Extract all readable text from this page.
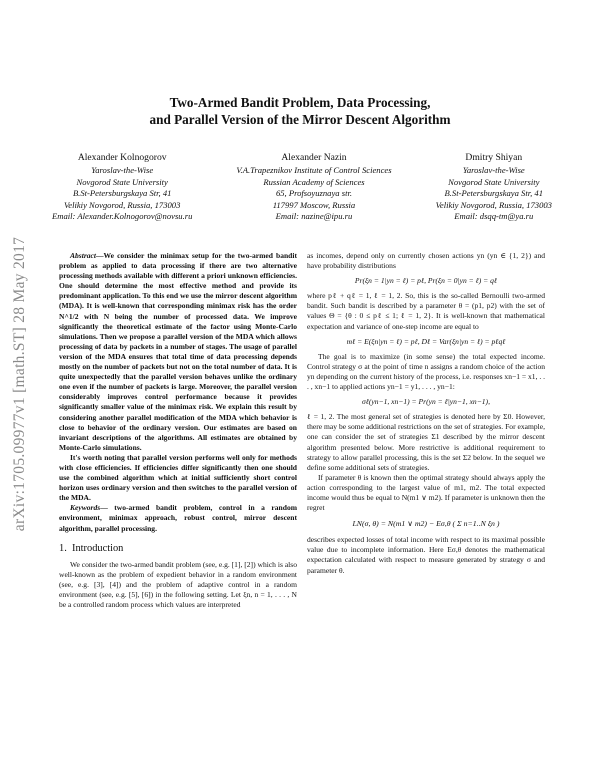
arXiv:1705.09977v1 [math.ST] 28 May 2017
Two-Armed Bandit Problem, Data Processing,
and Parallel Version of the Mirror Descent Algorithm
Alexander Kolnogorov
Yaroslav-the-Wise
Novgorod State University
B.St-Petersburgskaya Str, 41
Velikiy Novgorod, Russia, 173003
Email: Alexander.Kolnogorov@novsu.ru
Alexander Nazin
V.A.Trapeznikov Institute of Control Sciences
Russian Academy of Sciences
65, Profsoyuznaya str.
117997 Moscow, Russia
Email: nazine@ipu.ru
Dmitry Shiyan
Yaroslav-the-Wise
Novgorod State University
B.St-Petersburgskaya Str, 41
Velikiy Novgorod, Russia, 173003
Email: dsqq-tm@ya.ru

Abstract—We consider the minimax setup for the two-armed bandit problem as applied to data processing if there are two alternative processing methods available with different a priori unknown efficiencies. One should determine the most effective method and provide its predominant application. To this end we use the mirror descent algorithm (MDA). It is well-known that corresponding minimax risk has the order N^1/2 with N being the number of processed data. We improve significantly the theoretical estimate of the factor using Monte-Carlo simulations. Then we propose a parallel version of the MDA which allows processing of data by packets in a number of stages. The usage of parallel version of the MDA ensures that total time of data processing depends mostly on the number of packets but not on the total number of data. It is quite unexpectedly that the parallel version behaves unlike the ordinary one even if the number of packets is large. Moreover, the parallel version considerably improves control performance because it provides significantly smaller value of the minimax risk. We explain this result by considering another parallel modification of the MDA which behavior is close to behavior of the ordinary version. Our estimates are based on invariant descriptions of the algorithms. All estimates are obtained by Monte-Carlo simulations.

It's worth noting that parallel version performs well only for methods with close efficiencies. If efficiencies differ significantly then one should use the combined algorithm which at initial sufficiently short control horizon uses ordinary version and then switches to the parallel version of the MDA.

Keywords— two-armed bandit problem, control in a random environment, minimax approach, robust control, mirror descent algorithm, parallel processing.

1. Introduction

We consider the two-armed bandit problem (see, e.g. [1], [2]) which is also well-known as the problem of expedient behavior in a random environment (see, e.g. [3], [4]) and the problem of adaptive control in a random environment (see, e.g. [5], [6]) in the following setting. Let ξn, n = 1, . . . , N be a controlled random process which values are interpreted

as incomes, depend only on currently chosen actions yn (yn ∈ {1, 2}) and have probability distributions

Pr(ξn = 1|yn = ℓ) = pℓ, Pr(ξn = 0|yn = ℓ) = qℓ

where pℓ + qℓ = 1, ℓ = 1, 2. So, this is the so-called Bernoulli two-armed bandit. Such bandit is described by a parameter θ = (p1, p2) with the set of values Θ = {θ : 0 ≤ pℓ ≤ 1; ℓ = 1, 2}. It is well-known that mathematical expectation and variance of one-step income are equal to

mℓ = E(ξn|yn = ℓ) = pℓ, Dℓ = Var(ξn|yn = ℓ) = pℓqℓ

The goal is to maximize (in some sense) the total expected income. Control strategy σ at the point of time n assigns a random choice of the action yn depending on the current history of the process, i.e. responses xn−1 = x1, . . . , xn−1 to applied actions yn−1 = y1, . . . , yn−1:

σℓ(yn−1, xn−1) = Pr(yn = ℓ|yn−1, xn−1),

ℓ = 1, 2. The most general set of strategies is denoted here by Σ0. However, there may be some additional restrictions on the set of strategies. For example, one can consider the set of strategies Σ1 described by the mirror descent algorithm presented below. More restrictive is additional requirement to strategy to allow parallel processing, this is the set Σ2 below. In the sequel we define some additional sets of strategies.

If parameter θ is known then the optimal strategy should always apply the action corresponding to the largest value of m1, m2. The total expected income would thus be equal to N(m1 ∨ m2). If parameter is unknown then the regret

LN(σ, θ) = N(m1 ∨ m2) − Eσ,θ ( Σ n=1..N ξn )

describes expected losses of total income with respect to its maximal possible value due to incomplete information. Here Eσ,θ denotes the mathematical expectation calculated with respect to measure generated by strategy σ and parameter θ.
